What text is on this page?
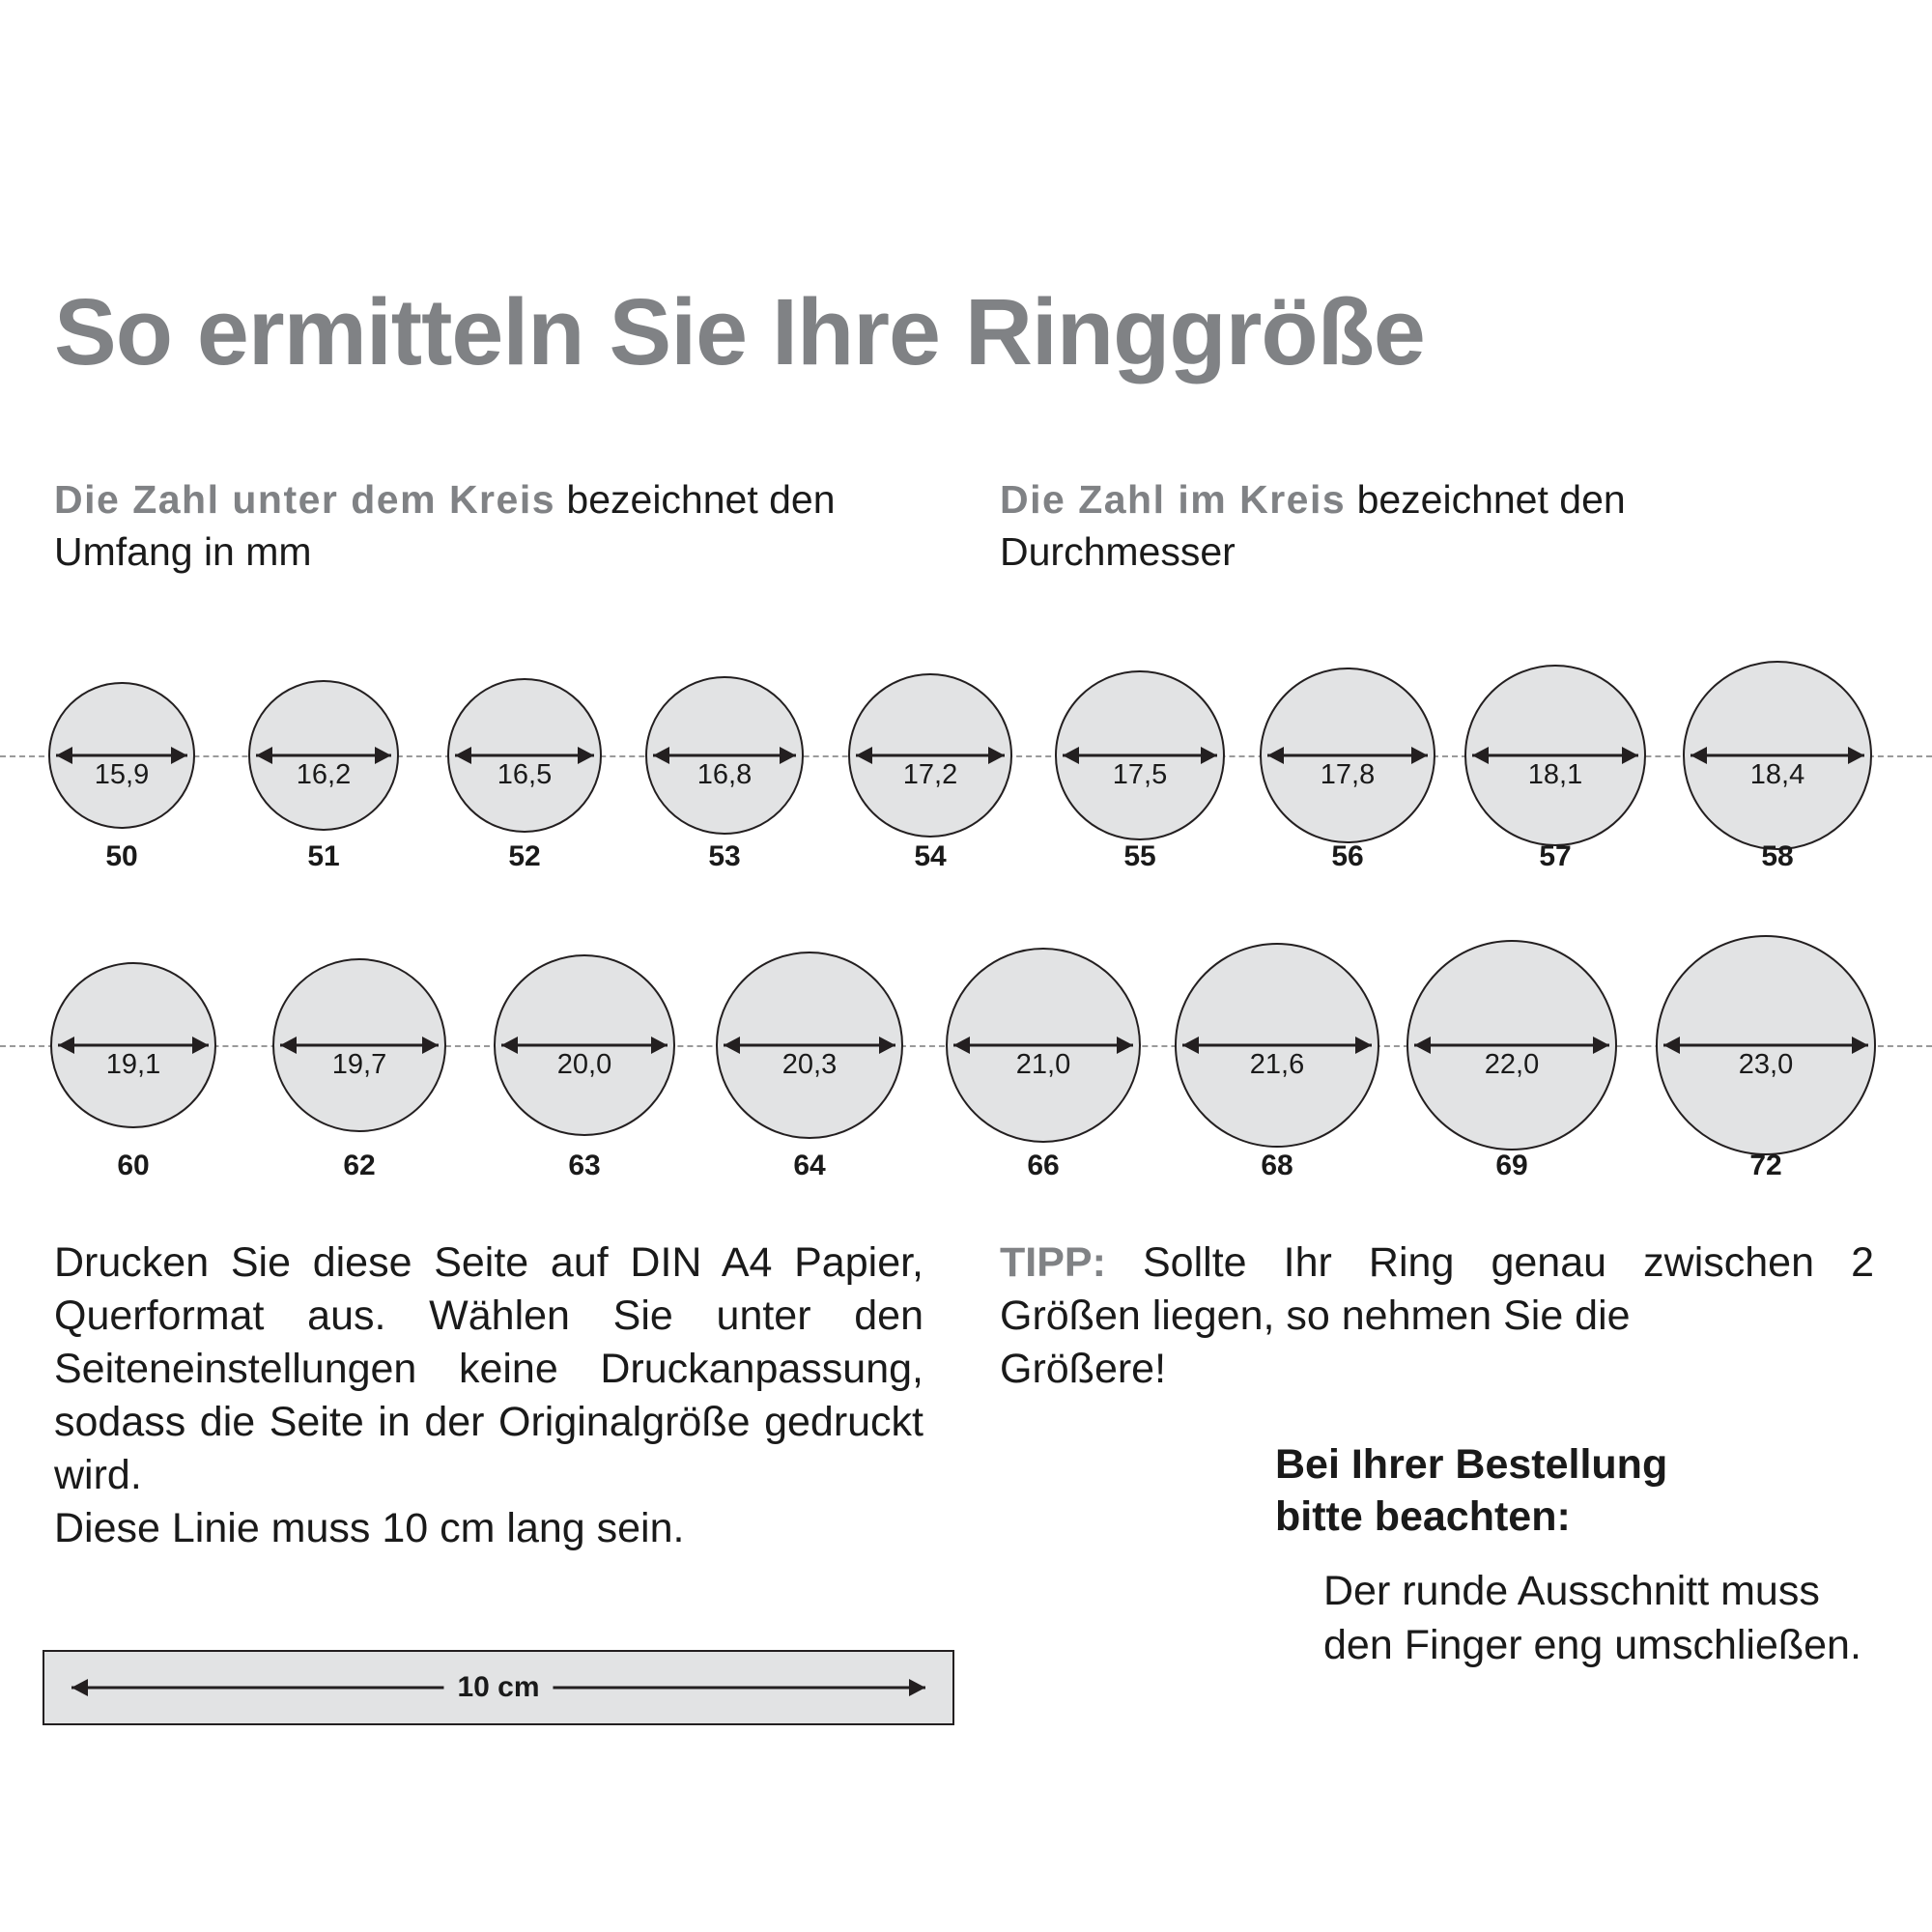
So ermitteln Sie Ihre Ringgröße
Die Zahl unter dem Kreis bezeichnet den Umfang in mm
Die Zahl im Kreis bezeichnet den
Durchmesser
15,9
50
16,2
51
16,5
52
16,8
53
17,2
54
17,5
55
17,8
56
18,1
57
18,4
58
19,1
60
19,7
62
20,0
63
20,3
64
21,0
66
21,6
68
22,0
69
23,0
72
Drucken Sie diese Seite auf DIN A4 Papier, Querformat aus. Wählen Sie unter den Seiteneinstellungen keine Druckanpassung, sodass die Seite in der Originalgröße gedruckt wird.
Diese Linie muss 10 cm lang sein.
10 cm
TIPP: Sollte Ihr Ring genau zwischen 2 Größen liegen, so nehmen Sie die
Größere!
Bei Ihrer Bestellung
bitte beachten:
Der runde Ausschnitt muss den Finger eng umschließen.
